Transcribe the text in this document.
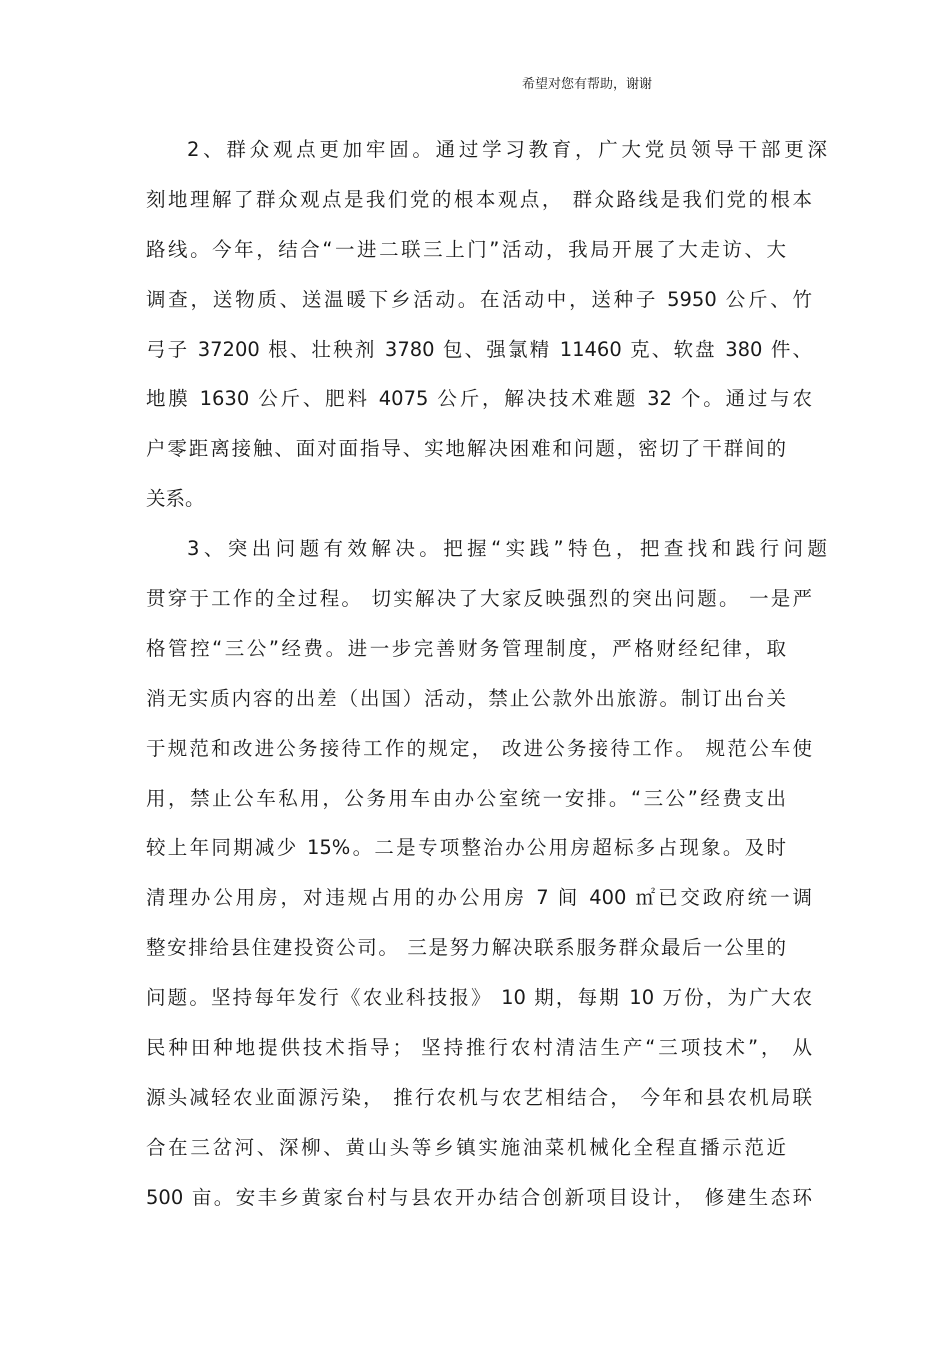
希望对您有帮助，谢谢
2、群众观点更加牢固。通过学习教育，广大党员领导干部更深
刻地理解了群众观点是我们党的根本观点， 群众路线是我们党的根本
路线。今年，结合“一进二联三上门”活动，我局开展了大走访、大
调查，送物质、送温暖下乡活动。在活动中，送种子 5950 公斤、竹
弓子 37200 根、壮秧剂 3780 包、强氯精 11460 克、软盘 380 件、
地膜 1630 公斤、肥料 4075 公斤，解决技术难题 32 个。通过与农
户零距离接触、面对面指导、实地解决困难和问题，密切了干群间的
关系。
3、突出问题有效解决。把握“实践”特色，把查找和践行问题
贯穿于工作的全过程。 切实解决了大家反映强烈的突出问题。 一是严
格管控“三公”经费。进一步完善财务管理制度，严格财经纪律，取
消无实质内容的出差（出国）活动，禁止公款外出旅游。制订出台关
于规范和改进公务接待工作的规定， 改进公务接待工作。 规范公车使
用，禁止公车私用，公务用车由办公室统一安排。“三公”经费支出
较上年同期减少 15%。二是专项整治办公用房超标多占现象。及时
清理办公用房，对违规占用的办公用房 7 间 400 ㎡已交政府统一调
整安排给县住建投资公司。 三是努力解决联系服务群众最后一公里的
问题。坚持每年发行《农业科技报》 10 期，每期 10 万份，为广大农
民种田种地提供技术指导； 坚持推行农村清洁生产“三项技术”， 从
源头减轻农业面源污染， 推行农机与农艺相结合， 今年和县农机局联
合在三岔河、深柳、黄山头等乡镇实施油菜机械化全程直播示范近
500 亩。安丰乡黄家台村与县农开办结合创新项目设计， 修建生态环
